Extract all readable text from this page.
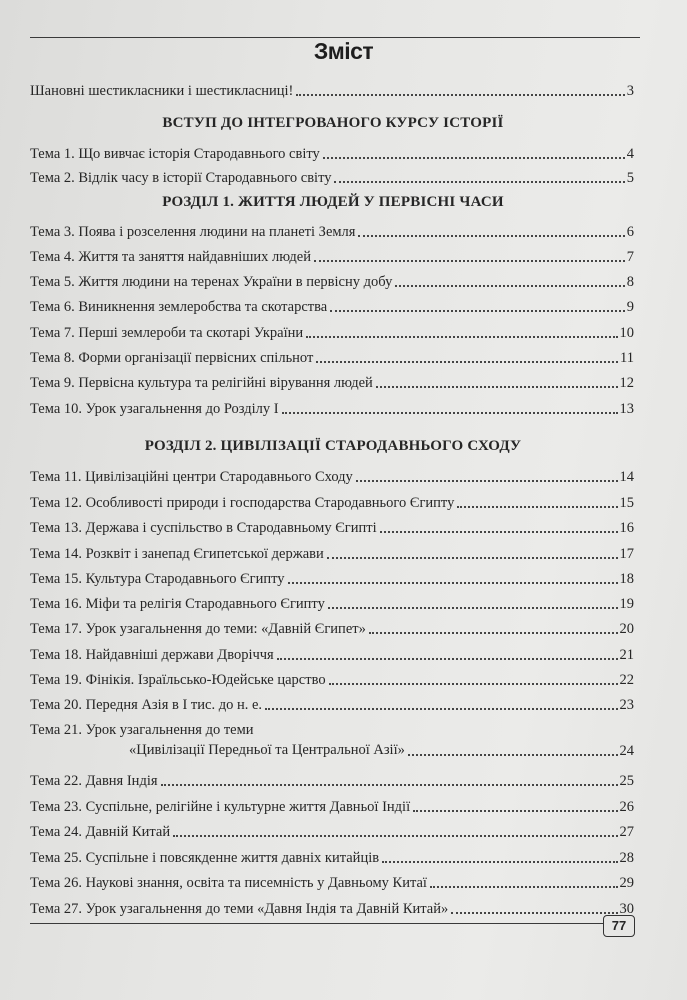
Зміст
Шановні шестикласники і шестикласниці!	3
ВСТУП ДО ІНТЕГРОВАНОГО КУРСУ ІСТОРІЇ
Тема 1. Що вивчає історія Стародавнього світу	4
Тема 2. Відлік часу в історії Стародавнього світу	5
РОЗДІЛ 1. ЖИТТЯ ЛЮДЕЙ У ПЕРВІСНІ ЧАСИ
Тема 3. Поява і розселення людини на планеті Земля	6
Тема 4. Життя та заняття найдавніших людей	7
Тема 5. Життя людини на теренах України в первісну добу	8
Тема 6. Виникнення землеробства та скотарства	9
Тема 7. Перші землероби та скотарі України	10
Тема 8. Форми організації первісних спільнот	11
Тема 9. Первісна культура та релігійні вірування людей	12
Тема 10. Урок узагальнення до Розділу І	13
РОЗДІЛ 2. ЦИВІЛІЗАЦІЇ СТАРОДАВНЬОГО СХОДУ
Тема 11. Цивілізаційні центри Стародавнього Сходу	14
Тема 12. Особливості природи і господарства Стародавнього Єгипту	15
Тема 13. Держава і суспільство в Стародавньому Єгипті	16
Тема 14. Розквіт і занепад Єгипетської держави	17
Тема 15. Культура Стародавнього Єгипту	18
Тема 16. Міфи та релігія Стародавнього Єгипту	19
Тема 17. Урок узагальнення до теми: «Давній Єгипет»	20
Тема 18. Найдавніші держави Дворіччя	21
Тема 19. Фінікія. Ізраїльсько-Юдейське царство	22
Тема 20. Передня Азія в І тис. до н. е.	23
Тема 21. Урок узагальнення до теми
«Цивілізації Передньої та Центральної Азії»	24
Тема 22. Давня Індія	25
Тема 23. Суспільне, релігійне і культурне життя Давньої Індії	26
Тема 24. Давній Китай	27
Тема 25. Суспільне і повсякденне життя давніх китайців	28
Тема 26. Наукові знання, освіта та писемність у Давньому Китаї	29
Тема 27. Урок узагальнення до теми «Давня Індія та Давній Китай»	30
77
